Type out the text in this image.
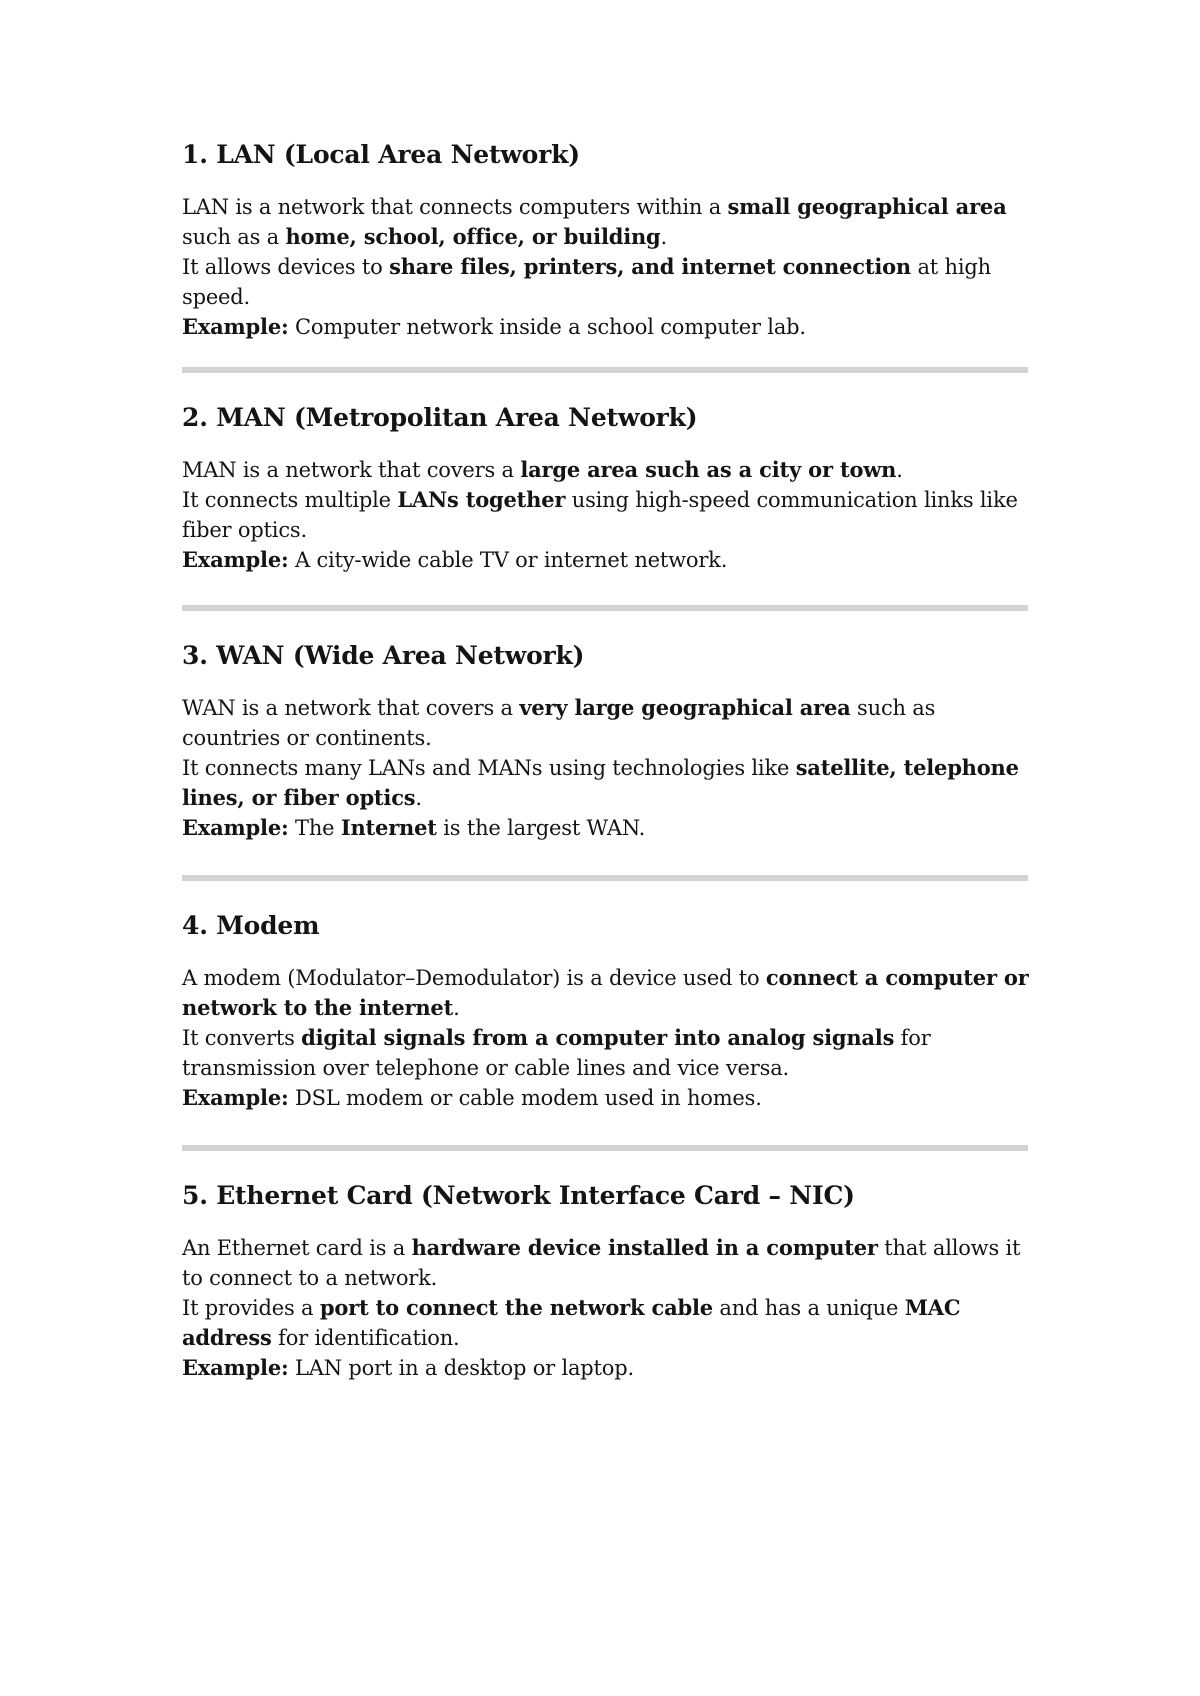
1. LAN (Local Area Network)

LAN is a network that connects computers within a small geographical area such as a home, school, office, or building.

It allows devices to share files, printers, and internet connection at high speed.

Example: Computer network inside a school computer lab.

2. MAN (Metropolitan Area Network)

MAN is a network that covers a large area such as a city or town.

It connects multiple LANs together using high-speed communication links like fiber optics.

Example: A city-wide cable TV or internet network.

3. WAN (Wide Area Network)

WAN is a network that covers a very large geographical area such as countries or continents.

It connects many LANs and MANs using technologies like satellite, telephone lines, or fiber optics.

Example: The Internet is the largest WAN.

4. Modem

A modem (Modulator–Demodulator) is a device used to connect a computer or network to the internet.

It converts digital signals from a computer into analog signals for transmission over telephone or cable lines and vice versa.

Example: DSL modem or cable modem used in homes.

5. Ethernet Card (Network Interface Card – NIC)

An Ethernet card is a hardware device installed in a computer that allows it to connect to a network.

It provides a port to connect the network cable and has a unique MAC address for identification.

Example: LAN port in a desktop or laptop.
